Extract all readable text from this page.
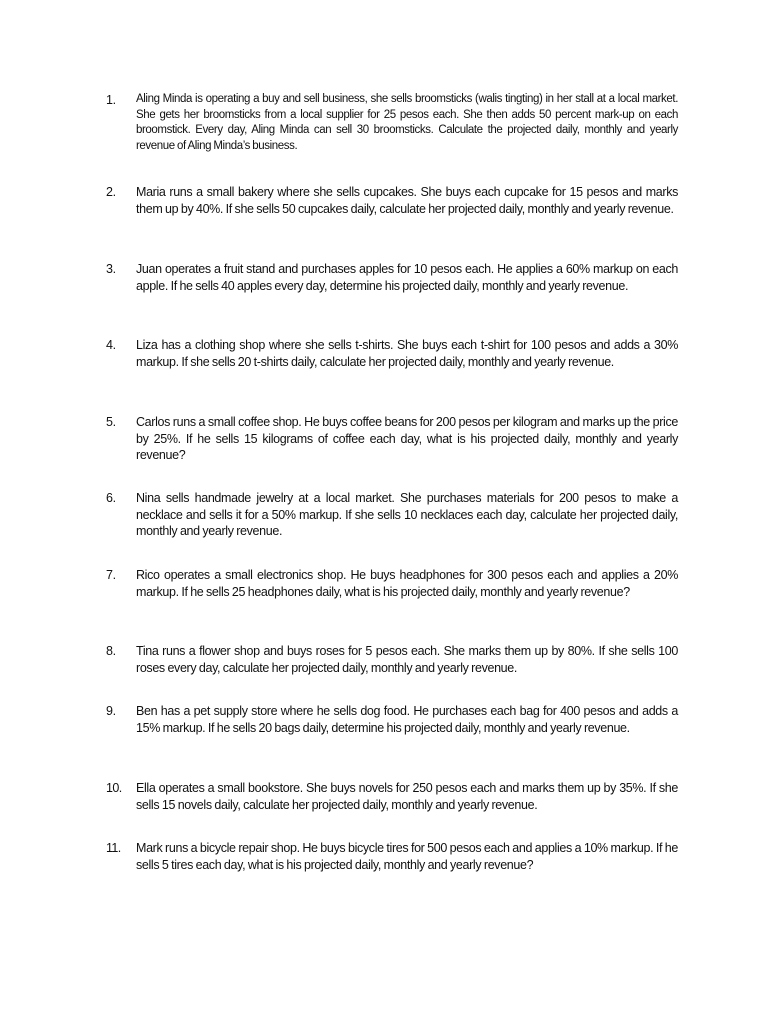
1.	Aling Minda is operating a buy and sell business, she sells broomsticks (walis tingting) in her stall at a local market. She gets her broomsticks from a local supplier for 25 pesos each. She then adds 50 percent mark-up on each broomstick. Every day, Aling Minda can sell 30 broomsticks. Calculate the projected daily, monthly and yearly revenue of Aling Minda’s business.
2.	Maria runs a small bakery where she sells cupcakes. She buys each cupcake for 15 pesos and marks them up by 40%. If she sells 50 cupcakes daily, calculate her projected daily, monthly and yearly revenue.
3.	Juan operates a fruit stand and purchases apples for 10 pesos each. He applies a 60% markup on each apple. If he sells 40 apples every day, determine his projected daily, monthly and yearly revenue.
4.	Liza has a clothing shop where she sells t-shirts. She buys each t-shirt for 100 pesos and adds a 30% markup. If she sells 20 t-shirts daily, calculate her projected daily, monthly and yearly revenue.
5.	Carlos runs a small coffee shop. He buys coffee beans for 200 pesos per kilogram and marks up the price by 25%. If he sells 15 kilograms of coffee each day, what is his projected daily, monthly and yearly revenue?
6.	Nina sells handmade jewelry at a local market. She purchases materials for 200 pesos to make a necklace and sells it for a 50% markup. If she sells 10 necklaces each day, calculate her projected daily, monthly and yearly revenue.
7.	Rico operates a small electronics shop. He buys headphones for 300 pesos each and applies a 20% markup. If he sells 25 headphones daily, what is his projected daily, monthly and yearly revenue?
8.	Tina runs a flower shop and buys roses for 5 pesos each. She marks them up by 80%. If she sells 100 roses every day, calculate her projected daily, monthly and yearly revenue.
9.	Ben has a pet supply store where he sells dog food. He purchases each bag for 400 pesos and adds a 15% markup. If he sells 20 bags daily, determine his projected daily, monthly and yearly revenue.
10.	Ella operates a small bookstore. She buys novels for 250 pesos each and marks them up by 35%. If she sells 15 novels daily, calculate her projected daily, monthly and yearly revenue.
11.	Mark runs a bicycle repair shop. He buys bicycle tires for 500 pesos each and applies a 10% markup. If he sells 5 tires each day, what is his projected daily, monthly and yearly revenue?
